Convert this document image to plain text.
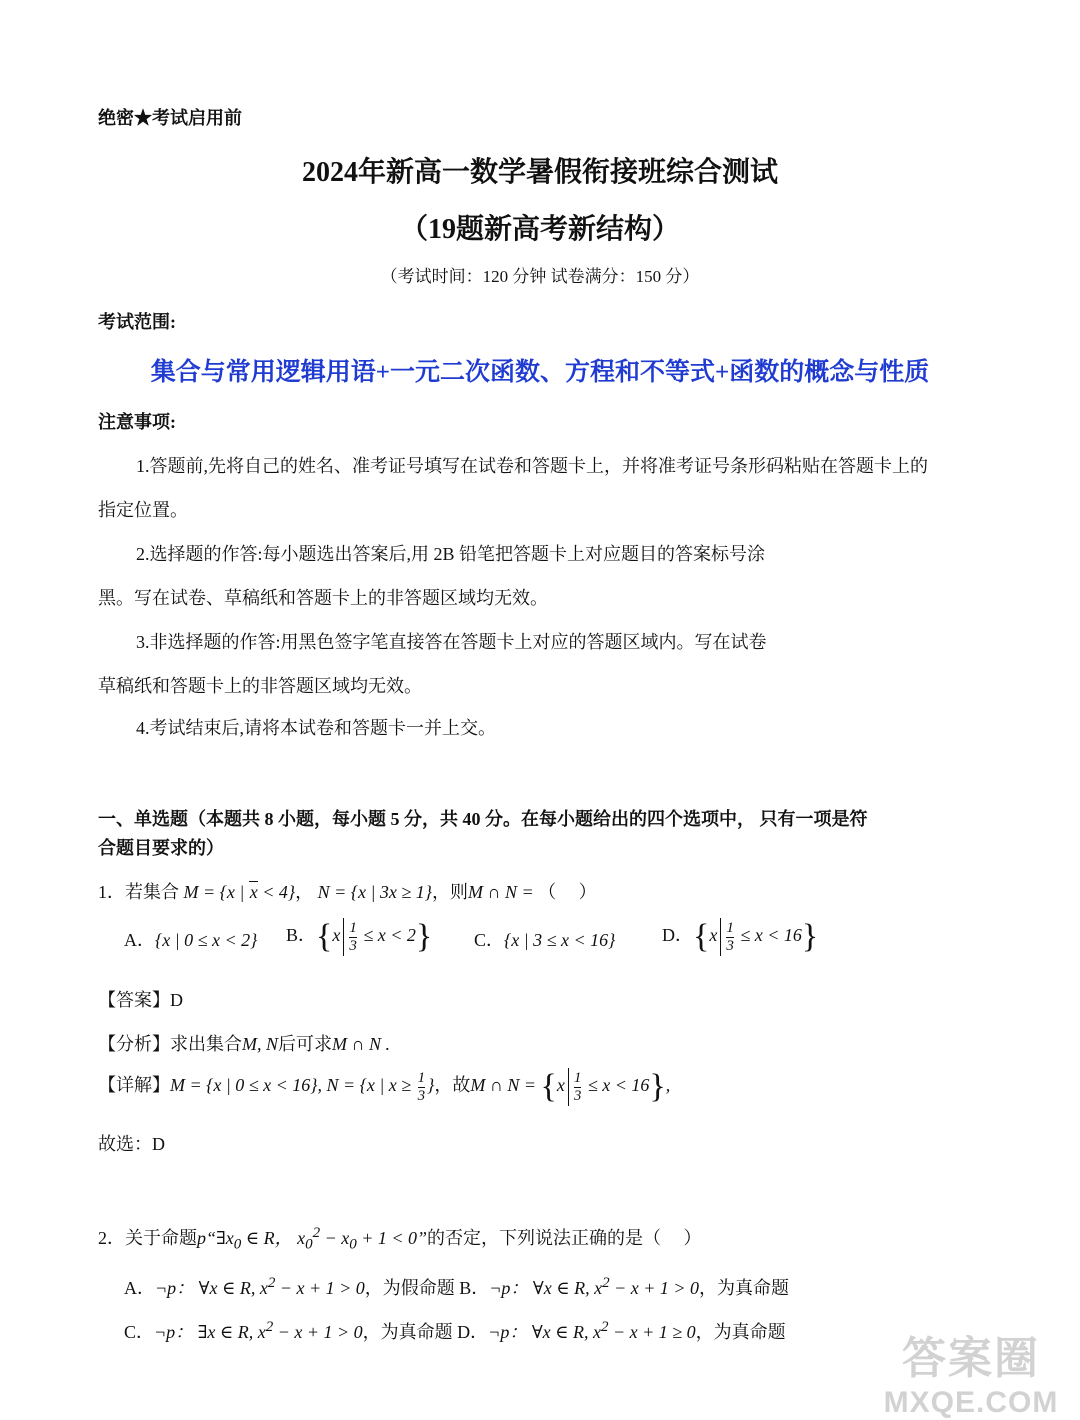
绝密★考试启用前
2024年新高一数学暑假衔接班综合测试
（19题新高考新结构）
（考试时间：120 分钟 试卷满分：150 分）
考试范围:
集合与常用逻辑用语+一元二次函数、方程和不等式+函数的概念与性质
注意事项:
1.答题前,先将自己的姓名、准考证号填写在试卷和答题卡上，并将准考证号条形码粘贴在答题卡上的
指定位置。
2.选择题的作答:每小题选出答案后,用 2B 铅笔把答题卡上对应题目的答案标号涂
黑。写在试卷、草稿纸和答题卡上的非答题区域均无效。
3.非选择题的作答:用黑色签字笔直接答在答题卡上对应的答题区域内。写在试卷
草稿纸和答题卡上的非答题区域均无效。
4.考试结束后,请将本试卷和答题卡一并上交。
一、单选题（本题共 8 小题，每小题 5 分，共 40 分。在每小题给出的四个选项中， 只有一项是符
合题目要求的）
1．若集合 M = {x | x < 4}， N = {x | 3x ≥ 1}，则M ∩ N = （　 ）
A．{x | 0 ≤ x < 2} B．$\{x \frac{1}{3} \le x < 2\}$ C．{x | 3 ≤ x < 16}	D．$\{x \frac{1}{3} \le x < 16\}$
【答案】D
【分析】求出集合M, N后可求M ∩ N .
【详解】M = {x | 0 ≤ x < 16}, N = {x | $x \ge \frac{1}{3}$ }，故M ∩ $N = \{x \frac{1}{3} \le x < 16\}$,
故选：D
2．关于命题$p“\exists x_0$ ∈ R， $x_0^2 - x_0 + 1 < 0$”的否定，下列说法正确的是（　 ）
A．¬p： ∀x ∈ R, $x^2 - x + 1 > 0$，为假命题 B．¬p： ∀x ∈ R, $x^2 - x + 1 > 0$，为真命题
C．¬p： ∃x ∈ R, $x^2 - x + 1 > 0$，为真命题 D．¬p： ∀x ∈ R, $x^2 - x + 1 \ge 0$，为真命题
答案圈
MXQE.COM
